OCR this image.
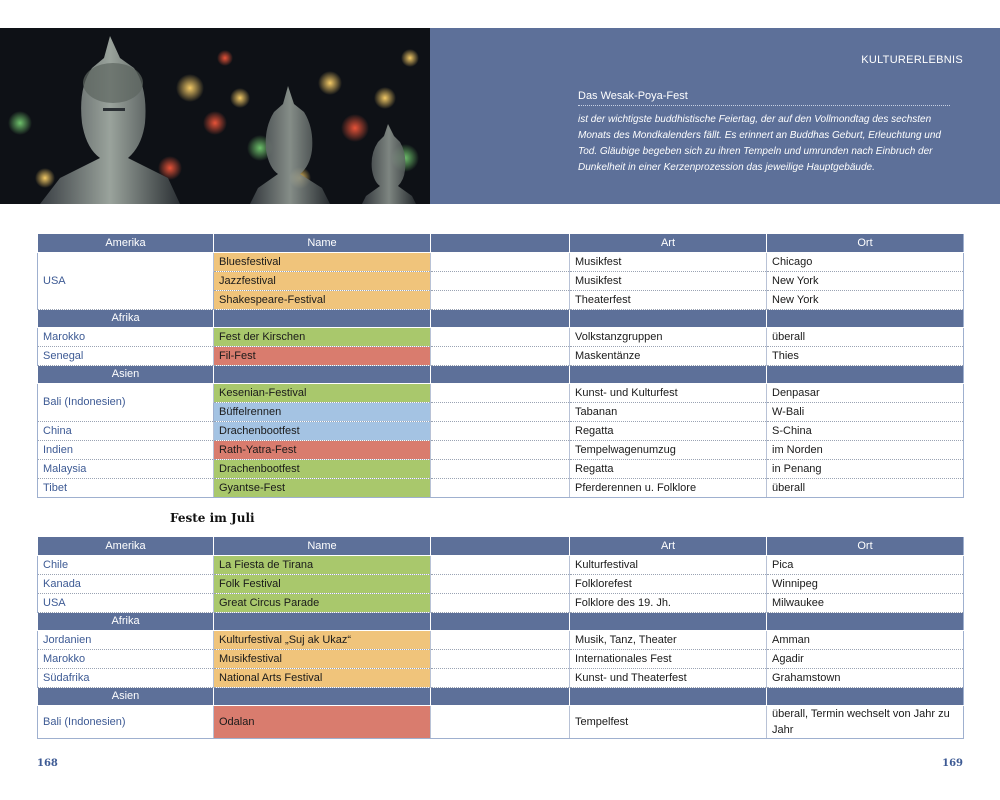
KULTURERLEBNIS
Das Wesak-Poya-Fest
ist der wichtigste buddhistische Feiertag, der auf den Vollmondtag des sechsten Monats des Mondkalenders fällt. Es erinnert an Buddhas Geburt, Erleuchtung und Tod. Gläubige begeben sich zu ihren Tempeln und umrunden nach Einbruch der Dunkelheit in einer Kerzenprozession das jeweilige Hauptgebäude.
Amerika	Name		Art	Ort
USA	Bluesfestival		Musikfest	Chicago
	Jazzfestival		Musikfest	New York
	Shakespeare-Festival		Theaterfest	New York
Afrika				
Marokko	Fest der Kirschen		Volkstanzgruppen	überall
Senegal	Fil-Fest		Maskentänze	Thies
Asien				
Bali (Indonesien)	Kesenian-Festival		Kunst- und Kulturfest	Denpasar
	Büffelrennen		Tabanan	W-Bali
China	Drachenbootfest		Regatta	S-China
Indien	Rath-Yatra-Fest		Tempelwagenumzug	im Norden
Malaysia	Drachenbootfest		Regatta	in Penang
Tibet	Gyantse-Fest		Pferderennen u. Folklore	überall
Feste im Juli
Amerika	Name		Art	Ort
Chile	La Fiesta de Tirana		Kulturfestival	Pica
Kanada	Folk Festival		Folklorefest	Winnipeg
USA	Great Circus Parade		Folklore des 19. Jh.	Milwaukee
Afrika				
Jordanien	Kulturfestival „Suj ak Ukaz“		Musik, Tanz, Theater	Amman
Marokko	Musikfestival		Internationales Fest	Agadir
Südafrika	National Arts Festival		Kunst- und Theaterfest	Grahamstown
Asien				
Bali (Indonesien)	Odalan		Tempelfest	überall, Termin wechselt von Jahr zu Jahr
168	169
